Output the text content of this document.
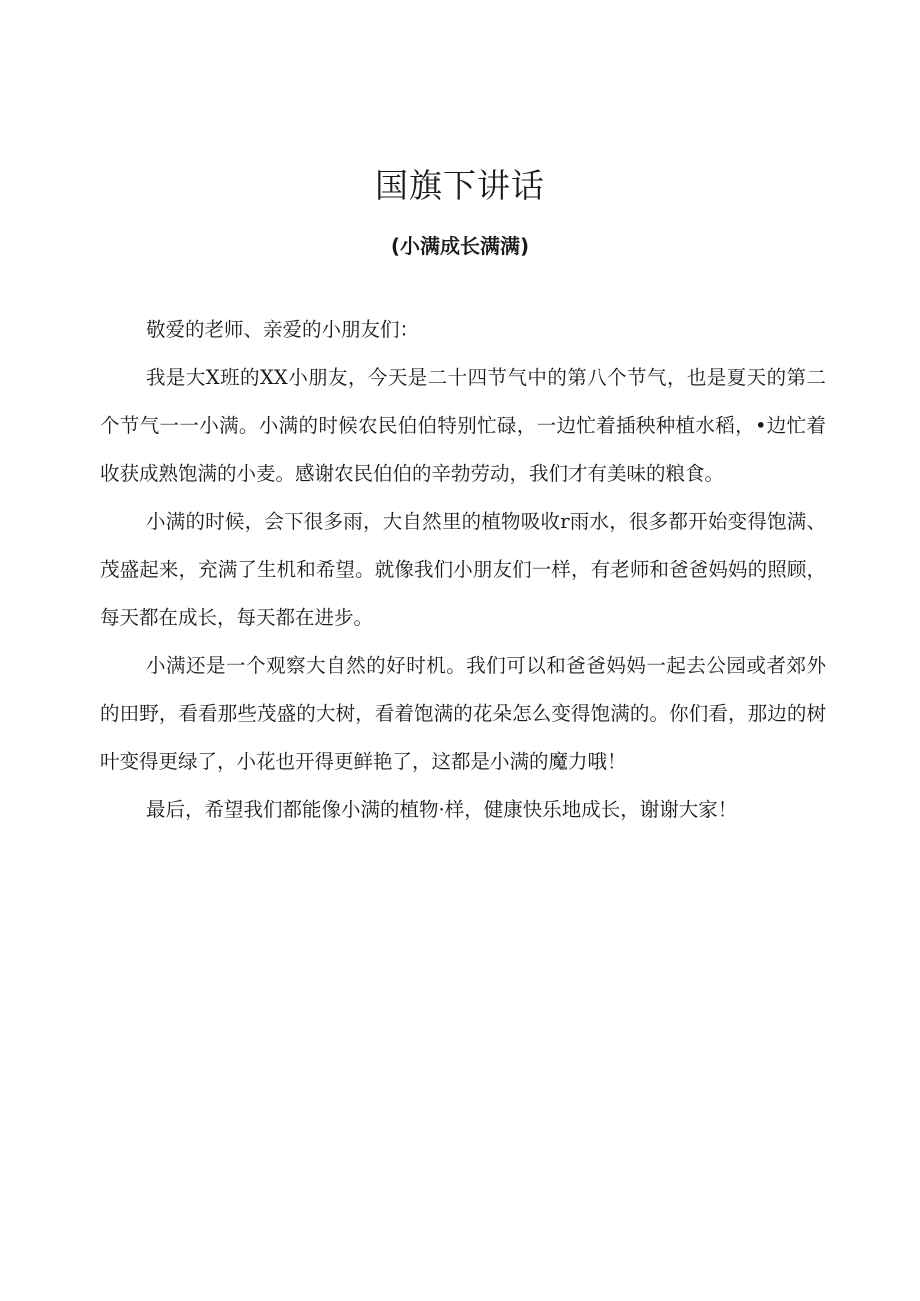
国旗下讲话
(小满成长满满)

敬爱的老师、亲爱的小朋友们：

我是大X班的XX小朋友，今天是二十四节气中的第八个节气，也是夏天的第二个节气一一小满。小满的时候农民伯伯特别忙碌，一边忙着插秧种植水稻，•边忙着收获成熟饱满的小麦。感谢农民伯伯的辛勃劳动，我们才有美味的粮食。

小满的时候，会下很多雨，大自然里的植物吸收r雨水，很多都开始变得饱满、茂盛起来，充满了生机和希望。就像我们小朋友们一样，有老师和爸爸妈妈的照顾，每天都在成长，每天都在进步。

小满还是一个观察大自然的好时机。我们可以和爸爸妈妈一起去公园或者郊外的田野，看看那些茂盛的大树，看着饱满的花朵怎么变得饱满的。你们看，那边的树叶变得更绿了，小花也开得更鲜艳了，这都是小满的魔力哦！

最后，希望我们都能像小满的植物·样，健康快乐地成长，谢谢大家！
